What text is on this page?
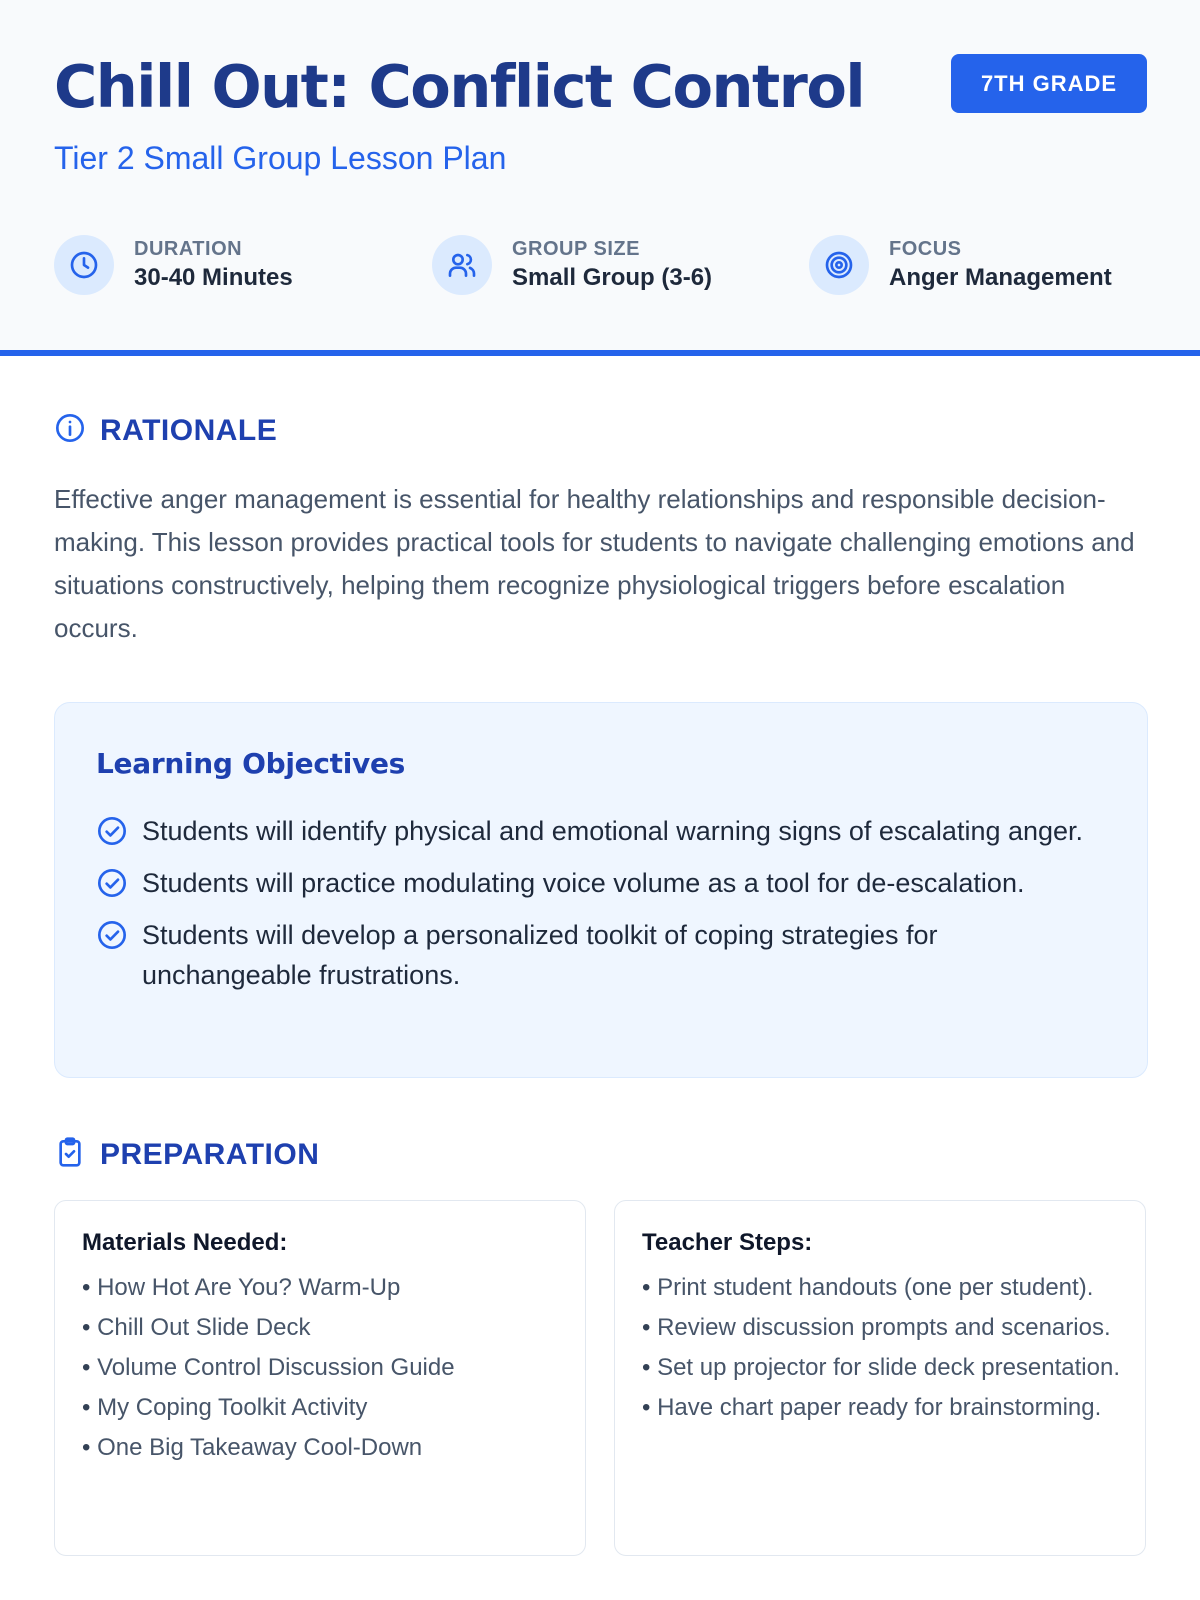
Chill Out: Conflict Control
Tier 2 Small Group Lesson Plan
7TH GRADE
DURATION
30-40 Minutes
GROUP SIZE
Small Group (3-6)
FOCUS
Anger Management
RATIONALE

Effective anger management is essential for healthy relationships and responsible decision-making. This lesson provides practical tools for students to navigate challenging emotions and situations constructively, helping them recognize physiological triggers before escalation occurs.

Learning Objectives
Students will identify physical and emotional warning signs of escalating anger.
Students will practice modulating voice volume as a tool for de-escalation.
Students will develop a personalized toolkit of coping strategies for unchangeable frustrations.
PREPARATION
Materials Needed:
• How Hot Are You? Warm-Up
• Chill Out Slide Deck
• Volume Control Discussion Guide
• My Coping Toolkit Activity
• One Big Takeaway Cool-Down
Teacher Steps:
• Print student handouts (one per student).
• Review discussion prompts and scenarios.
• Set up projector for slide deck presentation.
• Have chart paper ready for brainstorming.
